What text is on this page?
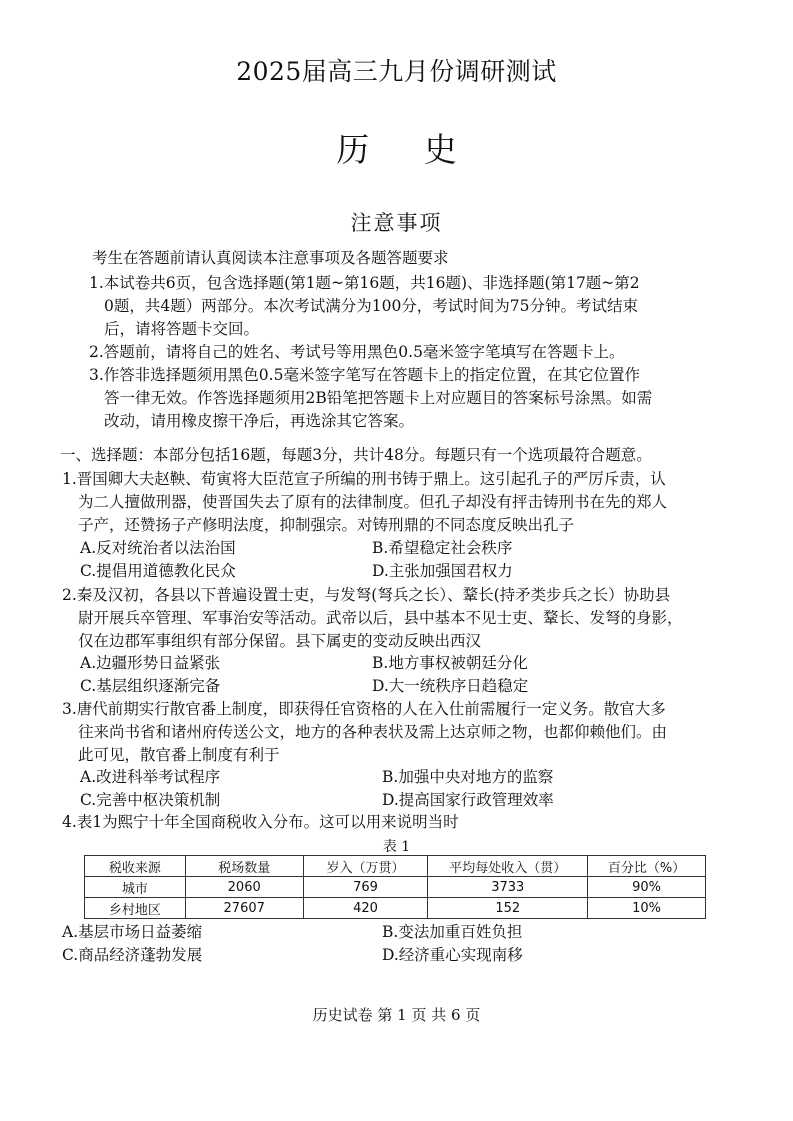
2025届高三九月份调研测试
历 史
注意事项
考生在答题前请认真阅读本注意事项及各题答题要求
1.本试卷共6页，包含选择题(第1题~第16题，共16题)、非选择题(第17题~第2
0题，共4题）两部分。本次考试满分为100分，考试时间为75分钟。考试结束
后，请将答题卡交回。
2.答题前，请将自己的姓名、考试号等用黑色0.5毫米签字笔填写在答题卡上。
3.作答非选择题须用黑色0.5毫米签字笔写在答题卡上的指定位置，在其它位置作
答一律无效。作答选择题须用2B铅笔把答题卡上对应题目的答案标号涂黑。如需
改动，请用橡皮擦干净后，再选涂其它答案。
一、选择题：本部分包括16题，每题3分，共计48分。每题只有一个选项最符合题意。
1.晋国卿大夫赵鞅、荀寅将大臣范宣子所编的刑书铸于鼎上。这引起孔子的严厉斥责，认
为二人擅做刑器，使晋国失去了原有的法律制度。但孔子却没有抨击铸刑书在先的郑人
子产，还赞扬子产修明法度，抑制强宗。对铸刑鼎的不同态度反映出孔子
A.反对统治者以法治国	B.希望稳定社会秩序
C.提倡用道德教化民众	D.主张加强国君权力
2.秦及汉初，各县以下普遍设置士吏，与发弩(弩兵之长）、鞪长(持矛类步兵之长）协助县
尉开展兵卒管理、军事治安等活动。武帝以后，县中基本不见士吏、鞪长、发弩的身影，
仅在边郡军事组织有部分保留。县下属吏的变动反映出西汉
A.边疆形势日益紧张	B.地方事权被朝廷分化
C.基层组织逐渐完备	D.大一统秩序日趋稳定
3.唐代前期实行散官番上制度，即获得任官资格的人在入仕前需履行一定义务。散官大多
往来尚书省和诸州府传送公文，地方的各种表状及需上达京师之物，也都仰赖他们。由
此可见，散官番上制度有利于
A.改进科举考试程序	B.加强中央对地方的监察
C.完善中枢决策机制	D.提高国家行政管理效率
4.表1为熙宁十年全国商税收入分布。这可以用来说明当时
表 1
税收来源	税场数量	岁入（万贯）	平均每处收入（贯）	百分比（%）
城市	2060	769	3733	90%
乡村地区	27607	420	152	10%
A.基层市场日益萎缩	B.变法加重百姓负担
C.商品经济蓬勃发展	D.经济重心实现南移
历史试卷 第 1 页 共 6 页
